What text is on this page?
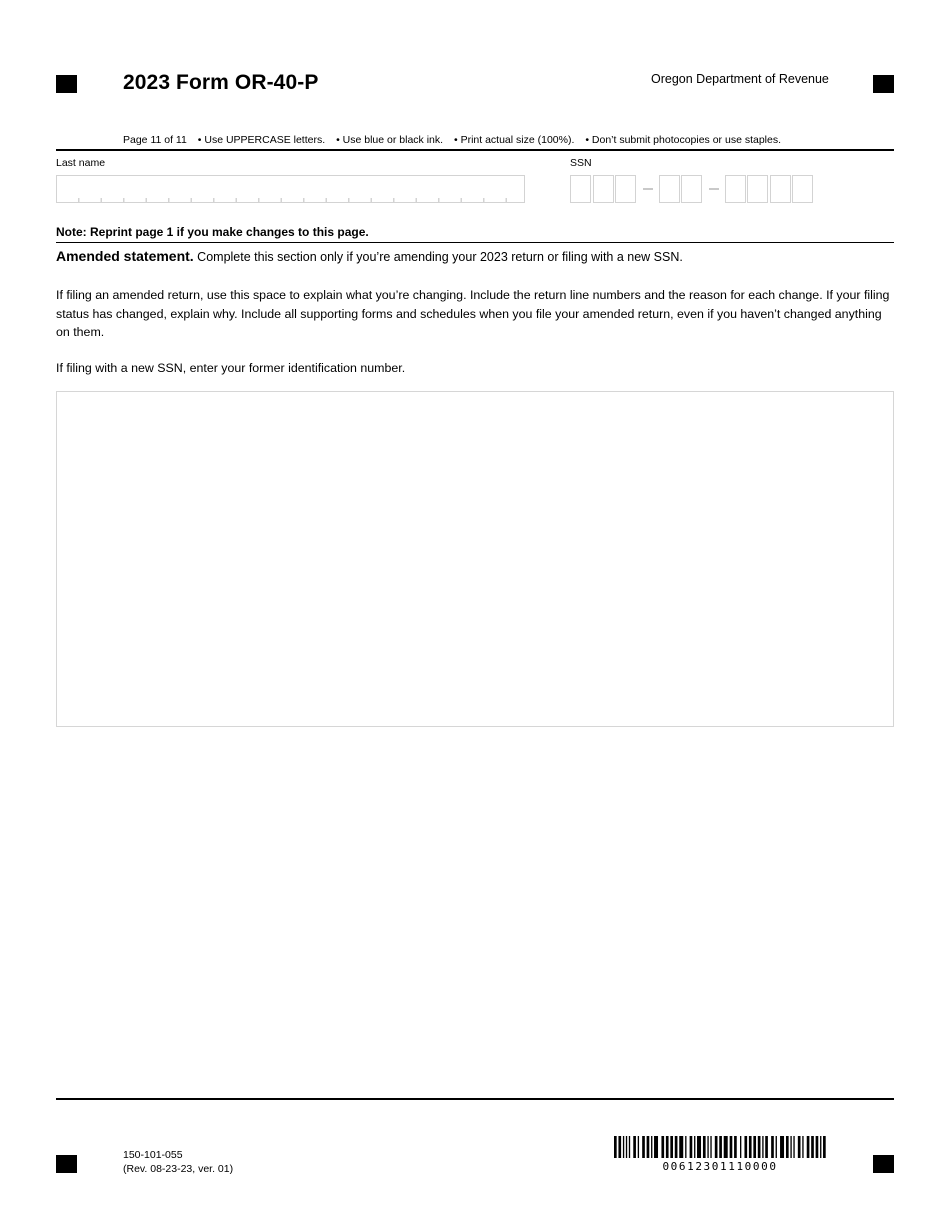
2023 Form OR-40-P	Oregon Department of Revenue
Page 11 of 11 • Use UPPERCASE letters. • Use blue or black ink. • Print actual size (100%). • Don’t submit photocopies or use staples.
Last name	SSN
Note: Reprint page 1 if you make changes to this page.
Amended statement. Complete this section only if you’re amending your 2023 return or filing with a new SSN.
If filing an amended return, use this space to explain what you’re changing. Include the return line numbers and the reason for each change. If your filing status has changed, explain why. Include all supporting forms and schedules when you file your amended return, even if you haven’t changed anything on them.
If filing with a new SSN, enter your former identification number.
150-101-055
(Rev. 08-23-23, ver. 01)	00612301110000
